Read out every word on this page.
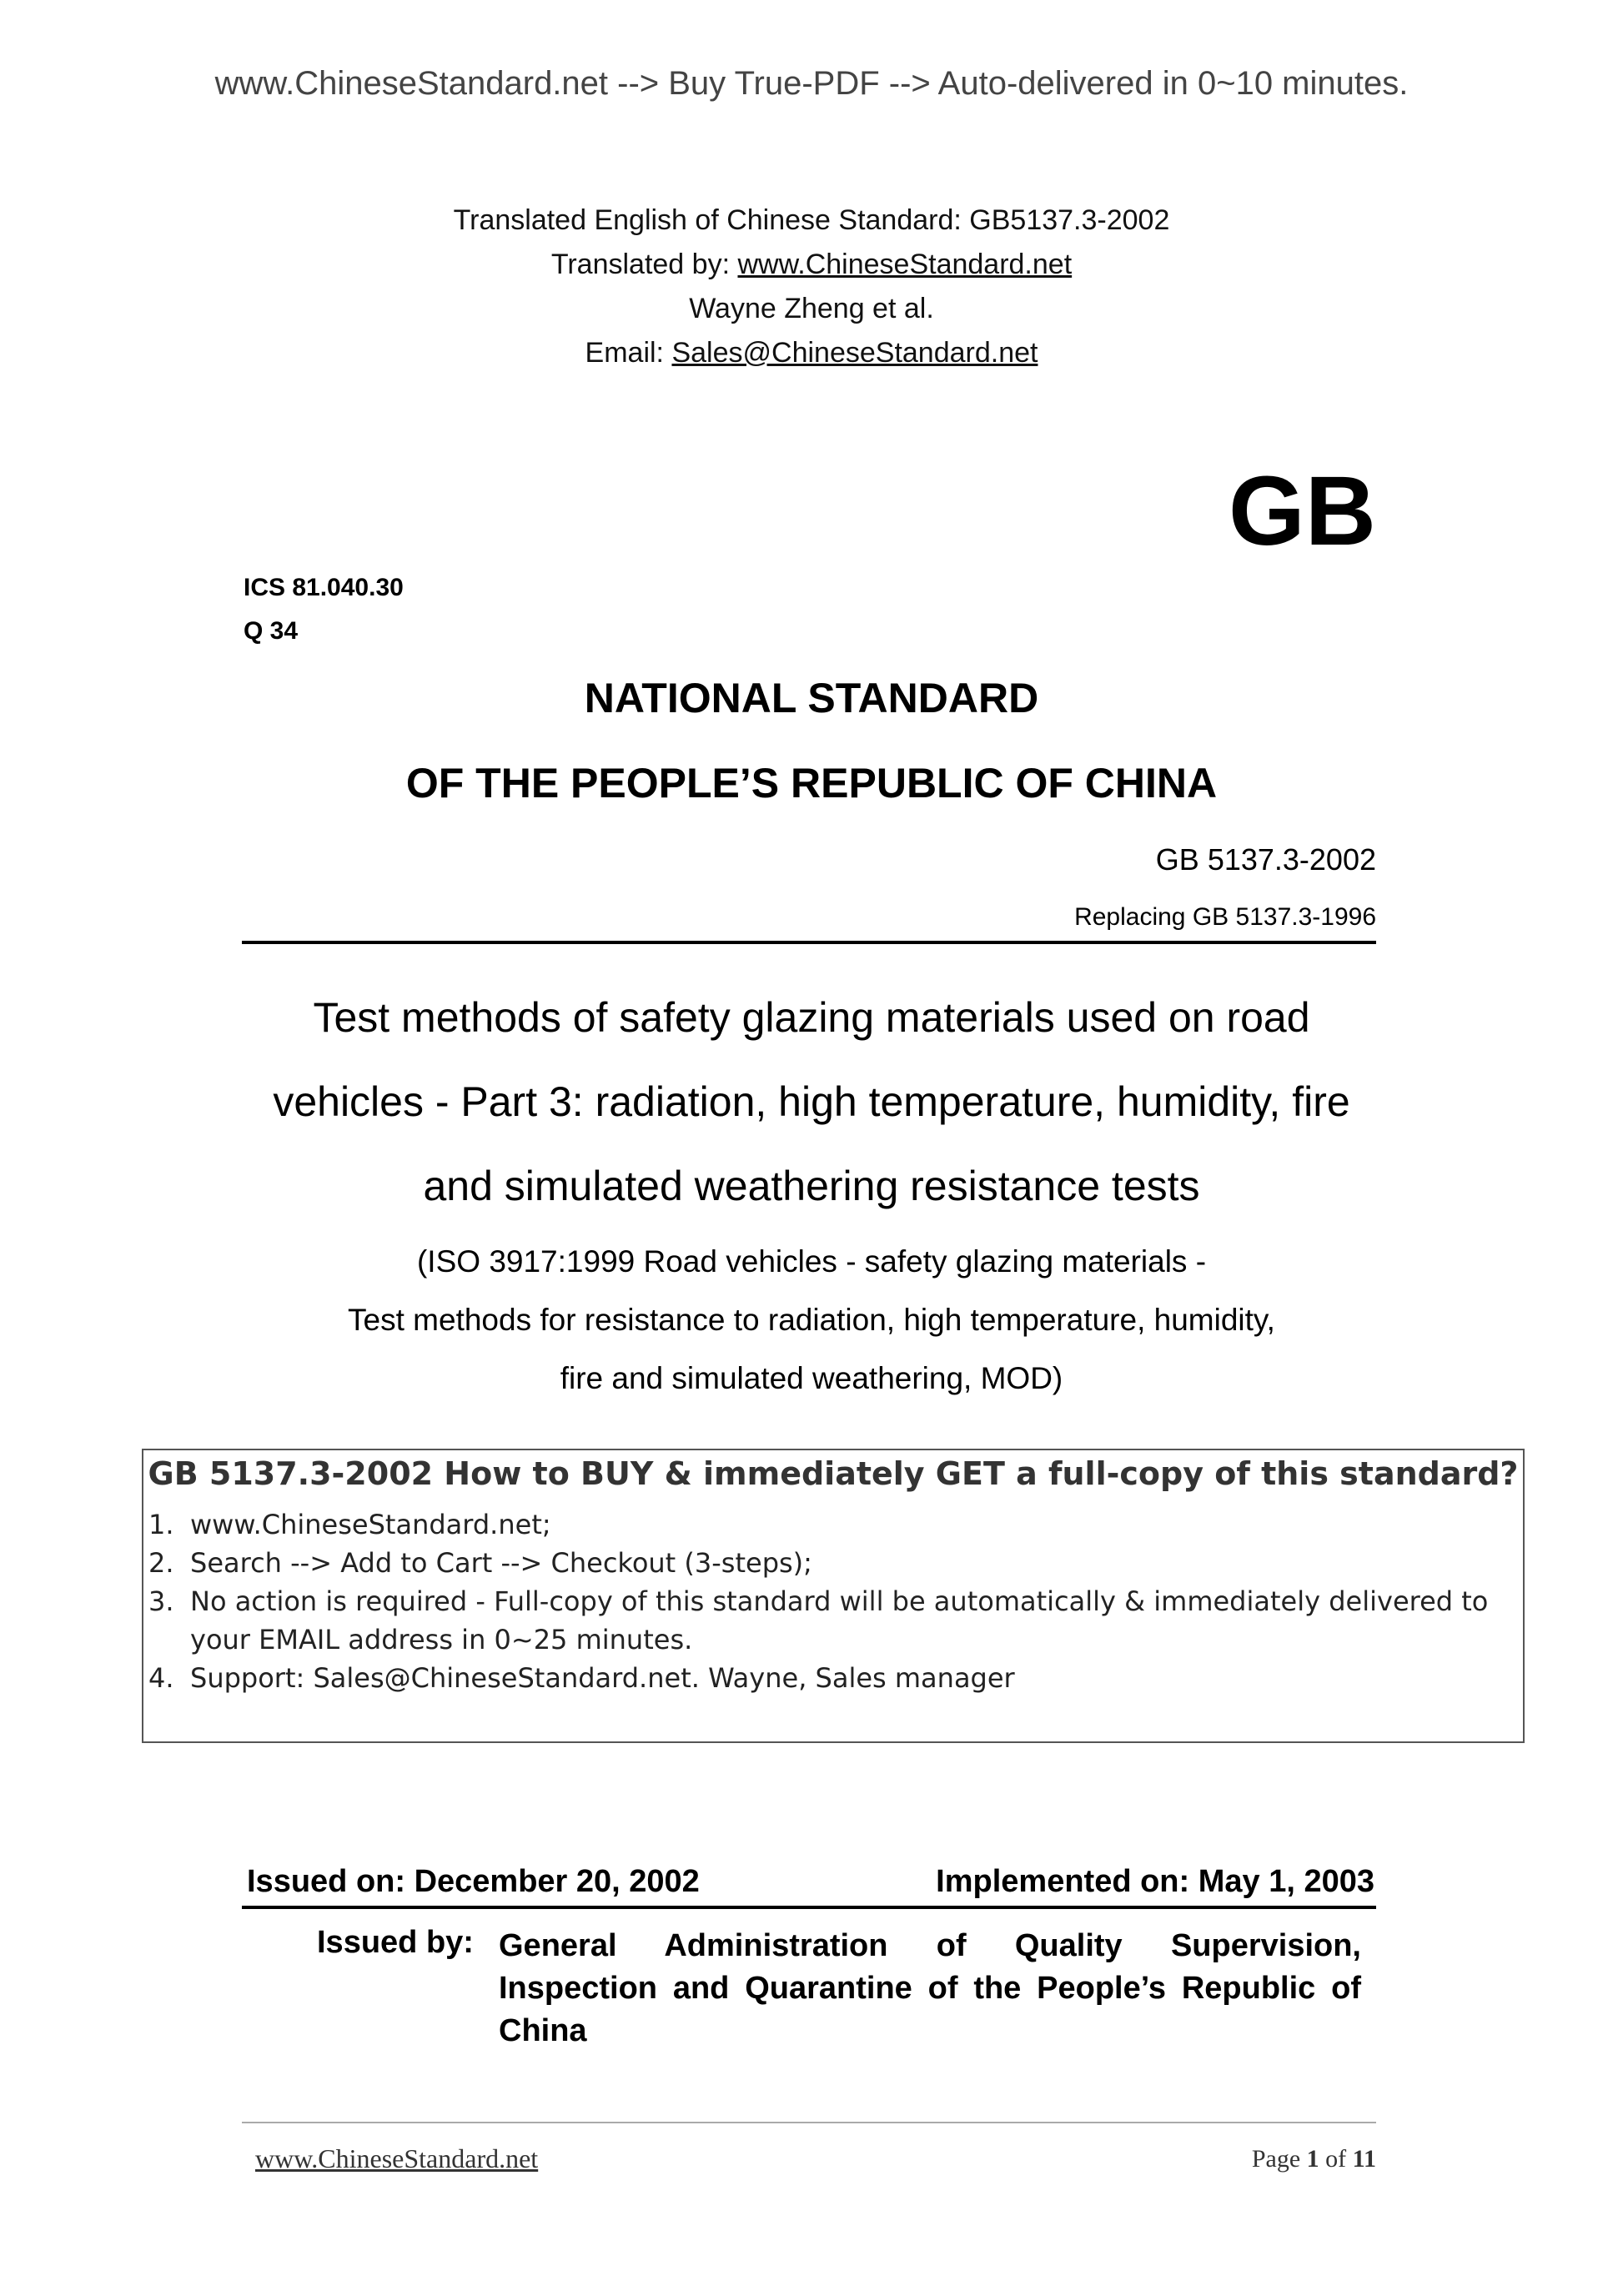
www.ChineseStandard.net --> Buy True-PDF --> Auto-delivered in 0~10 minutes.
Translated English of Chinese Standard: GB5137.3-2002
Translated by: www.ChineseStandard.net
Wayne Zheng et al.
Email: Sales@ChineseStandard.net
GB
ICS 81.040.30
Q 34
NATIONAL STANDARD
OF THE PEOPLE’S REPUBLIC OF CHINA
GB 5137.3-2002
Replacing GB 5137.3-1996
Test methods of safety glazing materials used on road
vehicles - Part 3: radiation, high temperature, humidity, fire
and simulated weathering resistance tests
(ISO 3917:1999 Road vehicles - safety glazing materials -
Test methods for resistance to radiation, high temperature, humidity,
fire and simulated weathering, MOD)
GB 5137.3-2002 How to BUY & immediately GET a full-copy of this standard?
1. www.ChineseStandard.net;
2. Search --> Add to Cart --> Checkout (3-steps);
3. No action is required - Full-copy of this standard will be automatically & immediately delivered to
your EMAIL address in 0~25 minutes.
4. Support: Sales@ChineseStandard.net. Wayne, Sales manager
Issued on: December 20, 2002	Implemented on: May 1, 2003
Issued by: General Administration of Quality Supervision, Inspection and Quarantine of the People’s Republic of China
www.ChineseStandard.net	Page 1 of 11
